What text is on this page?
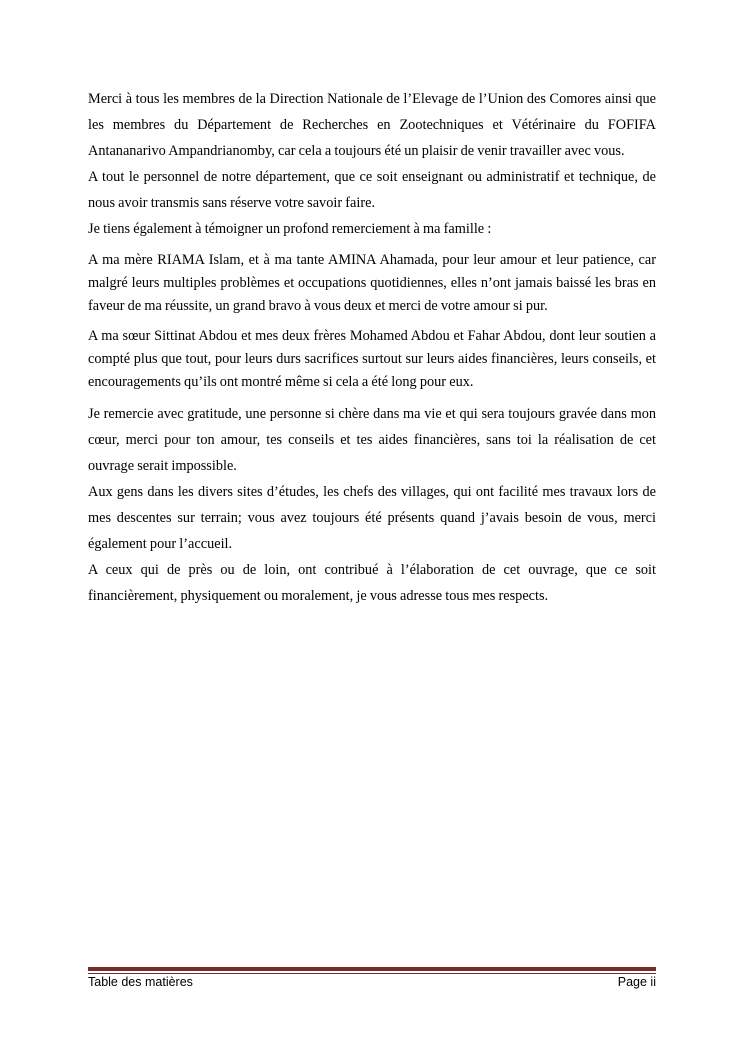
Merci à tous les membres de la Direction Nationale de l’Elevage de l’Union des Comores ainsi que les membres du Département de Recherches en Zootechniques et Vétérinaire du FOFIFA Antananarivo Ampandrianomby, car cela a toujours été un plaisir de venir travailler avec vous.

A tout le personnel de notre département, que ce soit enseignant ou administratif et technique, de nous avoir transmis sans réserve votre savoir faire.

Je tiens également à témoigner un profond remerciement à ma famille :

A ma mère RIAMA Islam, et à ma tante AMINA Ahamada, pour leur amour et leur patience, car malgré leurs multiples problèmes et occupations quotidiennes, elles n’ont jamais baissé les bras en faveur de ma réussite, un grand bravo à vous deux et merci de votre amour si pur.

A ma sœur Sittinat Abdou et mes deux frères Mohamed Abdou et Fahar Abdou, dont leur soutien a compté plus que tout, pour leurs durs sacrifices surtout sur leurs aides financières, leurs conseils, et encouragements qu’ils ont montré même si cela a été long pour eux.

Je remercie avec gratitude, une personne si chère dans ma vie et qui sera toujours gravée dans mon cœur, merci pour ton amour, tes conseils et tes aides financières, sans toi la réalisation de cet ouvrage serait impossible.

Aux gens dans les divers sites d’études, les chefs des villages, qui ont facilité mes travaux lors de mes descentes sur terrain; vous avez toujours été présents quand j’avais besoin de vous, merci également pour l’accueil.

A ceux qui de près ou de loin, ont contribué à l’élaboration de cet ouvrage, que ce soit financièrement, physiquement ou moralement, je vous adresse tous mes respects.

Table des matières	Page ii
